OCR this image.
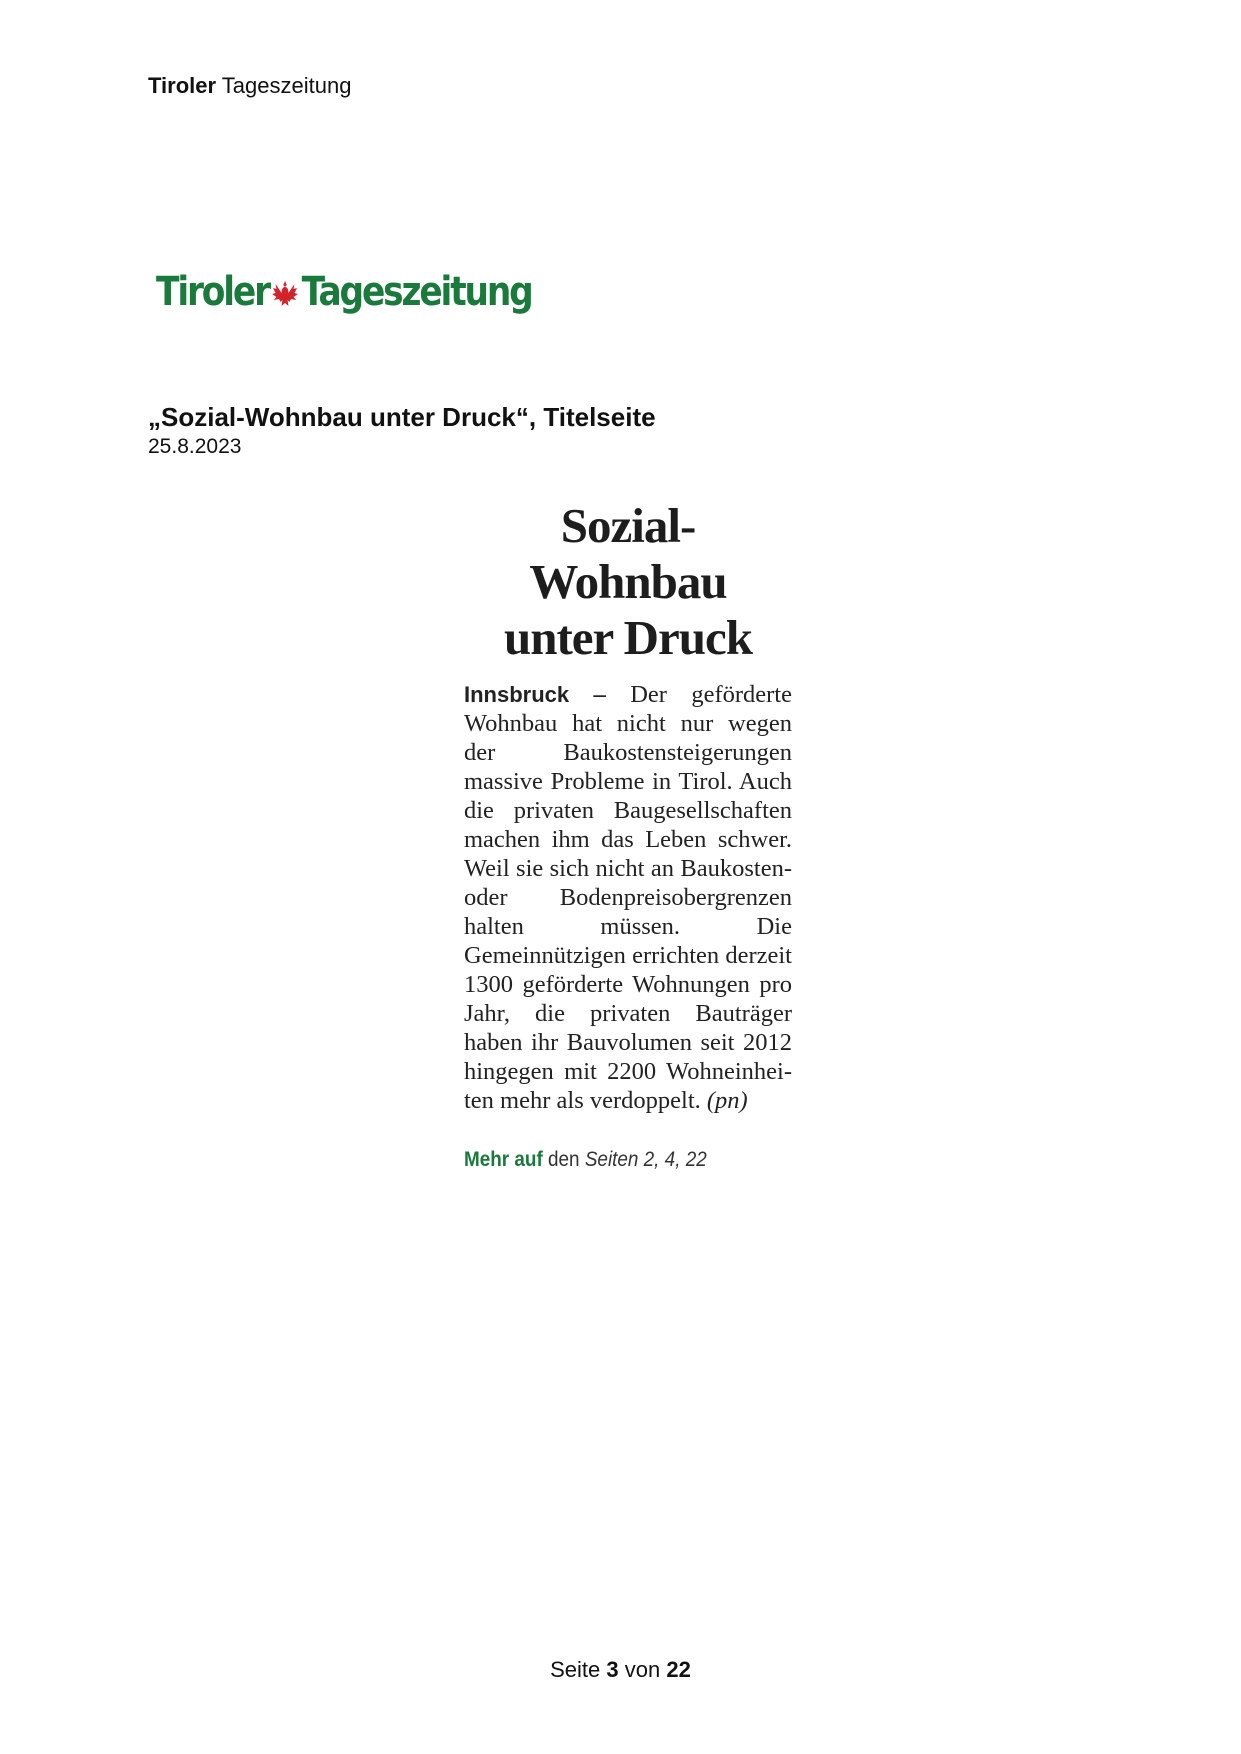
Tiroler Tageszeitung
Tiroler Tageszeitung
„Sozial-Wohnbau unter Druck“, Titelseite
25.8.2023
Sozial-Wohnbau
unter Druck
Innsbruck – Der geförderte Wohnbau hat nicht nur wegen der Baukostensteigerungen massive Probleme in Tirol. Auch die privaten Baugesellschaften machen ihm das Leben schwer. Weil sie sich nicht an Baukosten- oder Bodenpreisobergrenzen halten müssen. Die Gemeinnützigen errichten derzeit 1300 geförderte Wohnungen pro Jahr, die privaten Bauträger haben ihr Bauvolumen seit 2012 hingegen mit 2200 Wohneinheiten mehr als verdoppelt. (pn)
Mehr auf den Seiten 2, 4, 22
Seite 3 von 22
